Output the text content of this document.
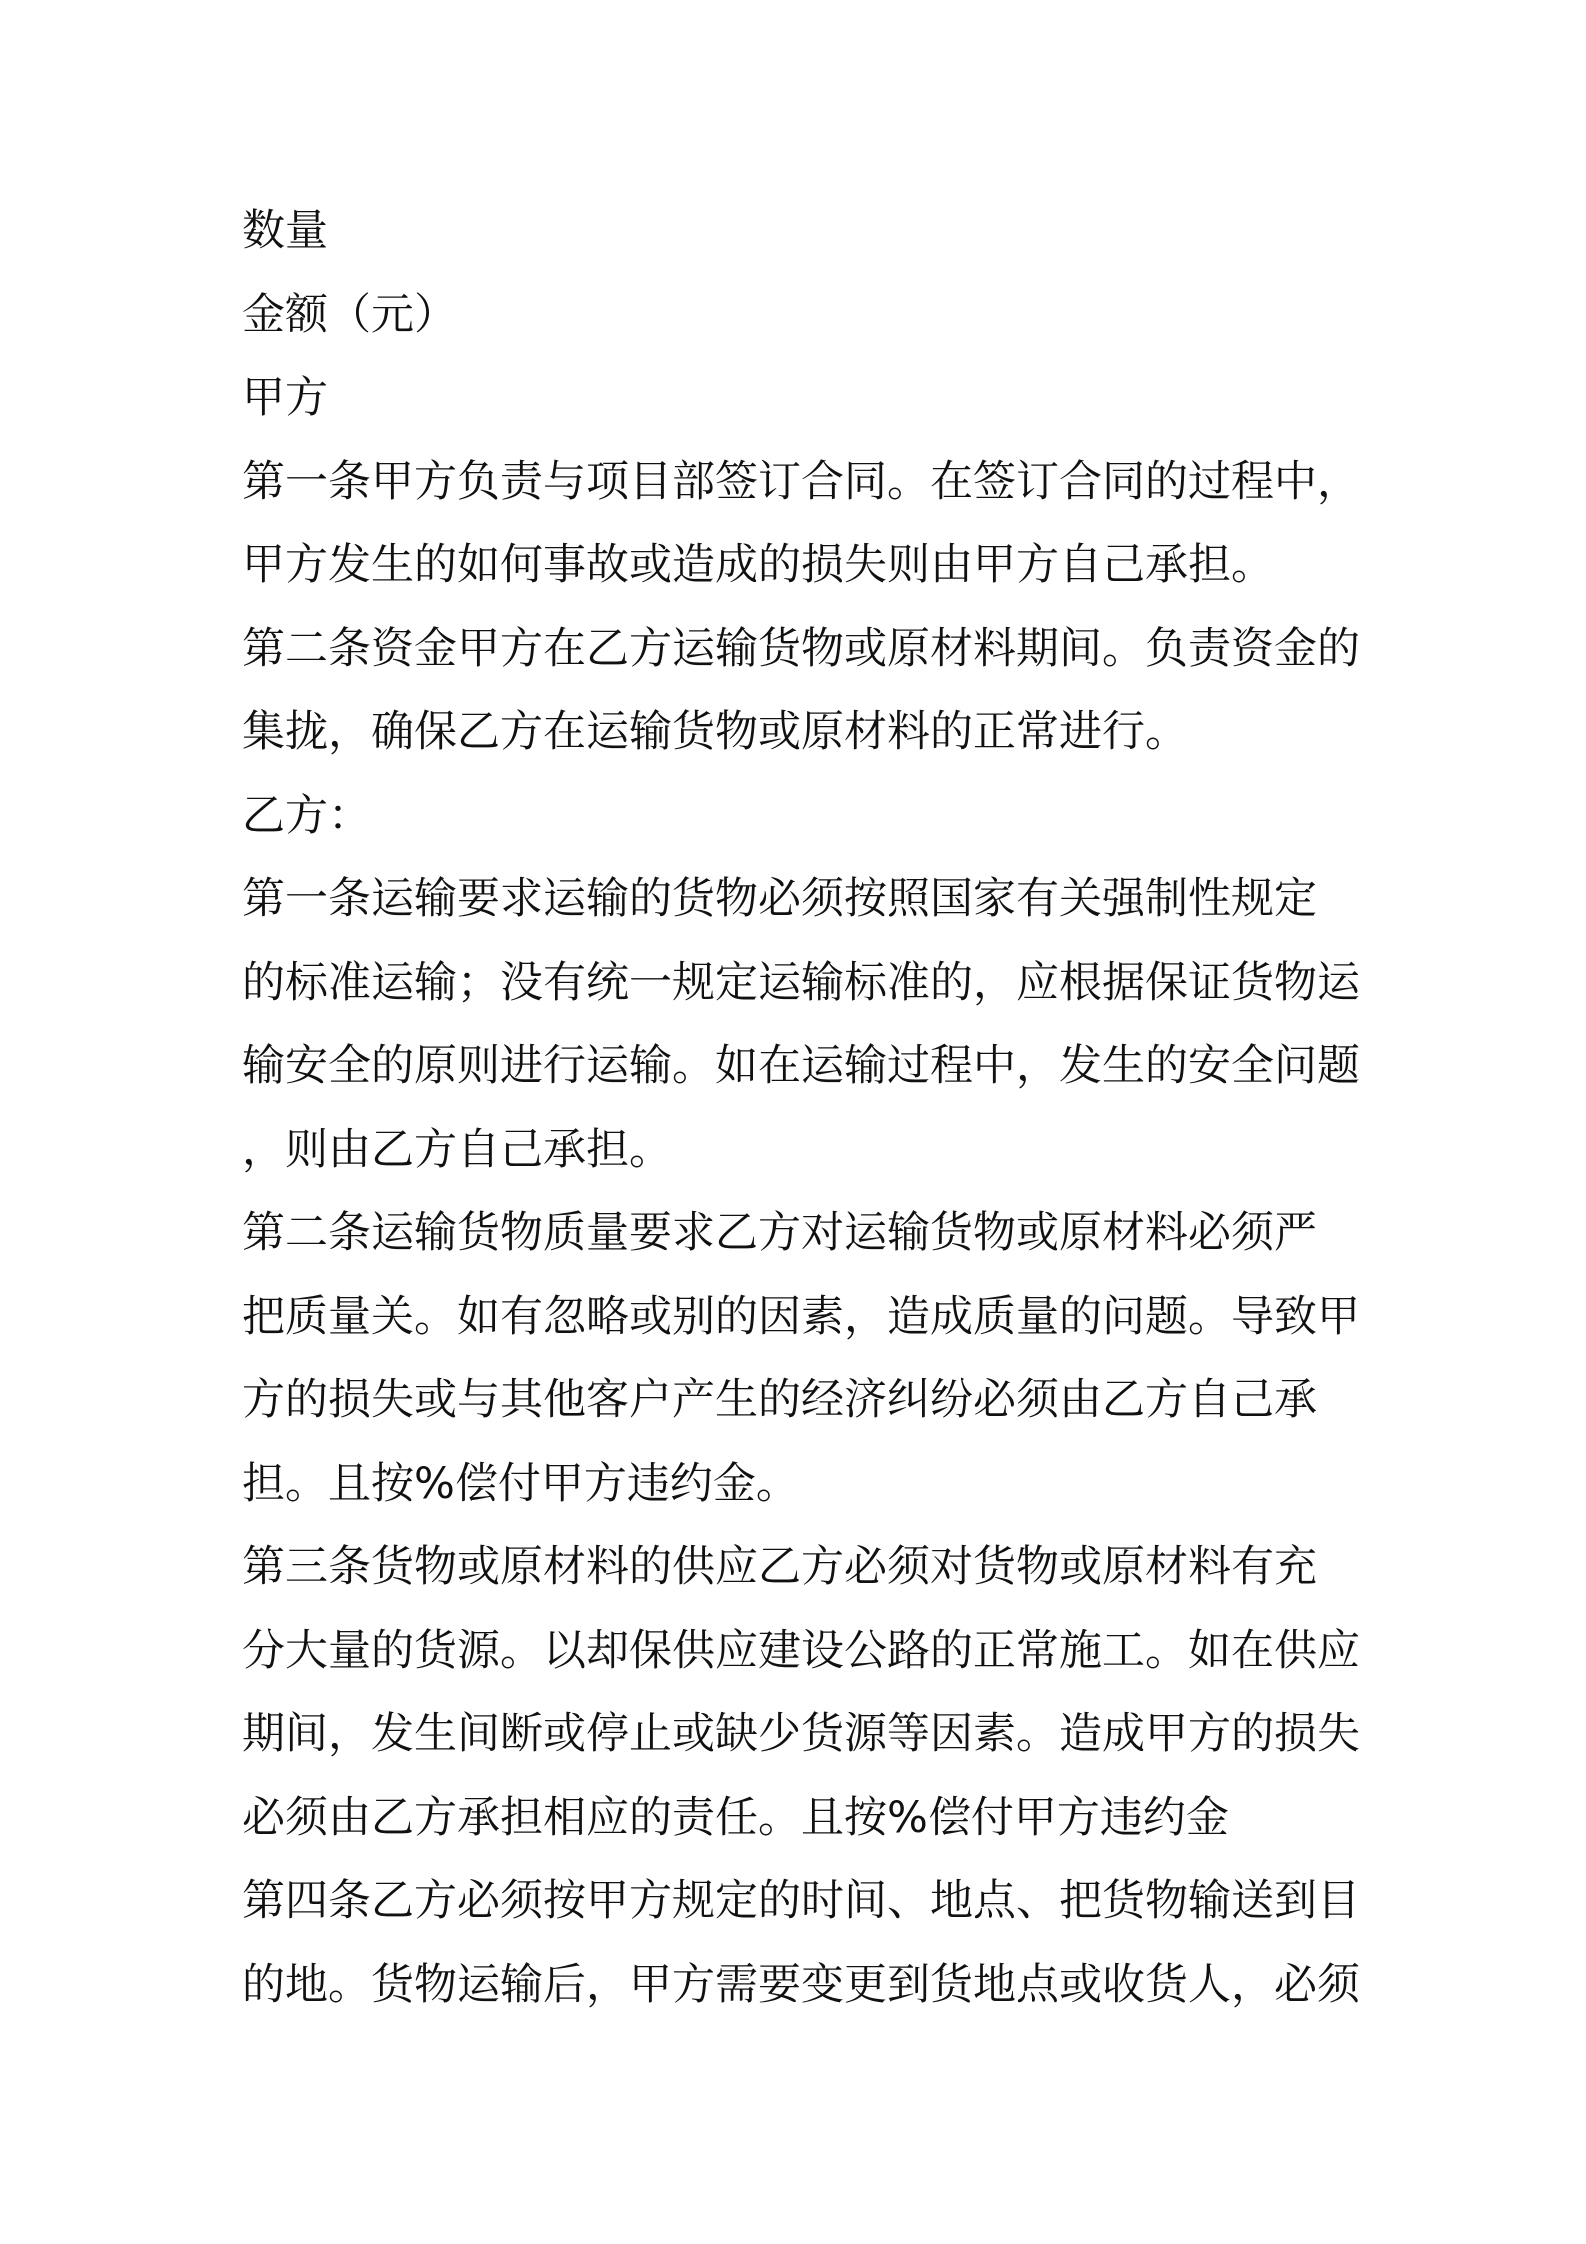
数量
金额（元）
甲方
第一条甲方负责与项目部签订合同。在签订合同的过程中，
甲方发生的如何事故或造成的损失则由甲方自己承担。
第二条资金甲方在乙方运输货物或原材料期间。负责资金的
集拢，确保乙方在运输货物或原材料的正常进行。
乙方：
第一条运输要求运输的货物必须按照国家有关强制性规定
的标准运输；没有统一规定运输标准的，应根据保证货物运
输安全的原则进行运输。如在运输过程中，发生的安全问题
，则由乙方自己承担。
第二条运输货物质量要求乙方对运输货物或原材料必须严
把质量关。如有忽略或别的因素，造成质量的问题。导致甲
方的损失或与其他客户产生的经济纠纷必须由乙方自己承
担。且按%偿付甲方违约金。
第三条货物或原材料的供应乙方必须对货物或原材料有充
分大量的货源。以却保供应建设公路的正常施工。如在供应
期间，发生间断或停止或缺少货源等因素。造成甲方的损失
必须由乙方承担相应的责任。且按%偿付甲方违约金
第四条乙方必须按甲方规定的时间、地点、把货物输送到目
的地。货物运输后，甲方需要变更到货地点或收货人，必须
